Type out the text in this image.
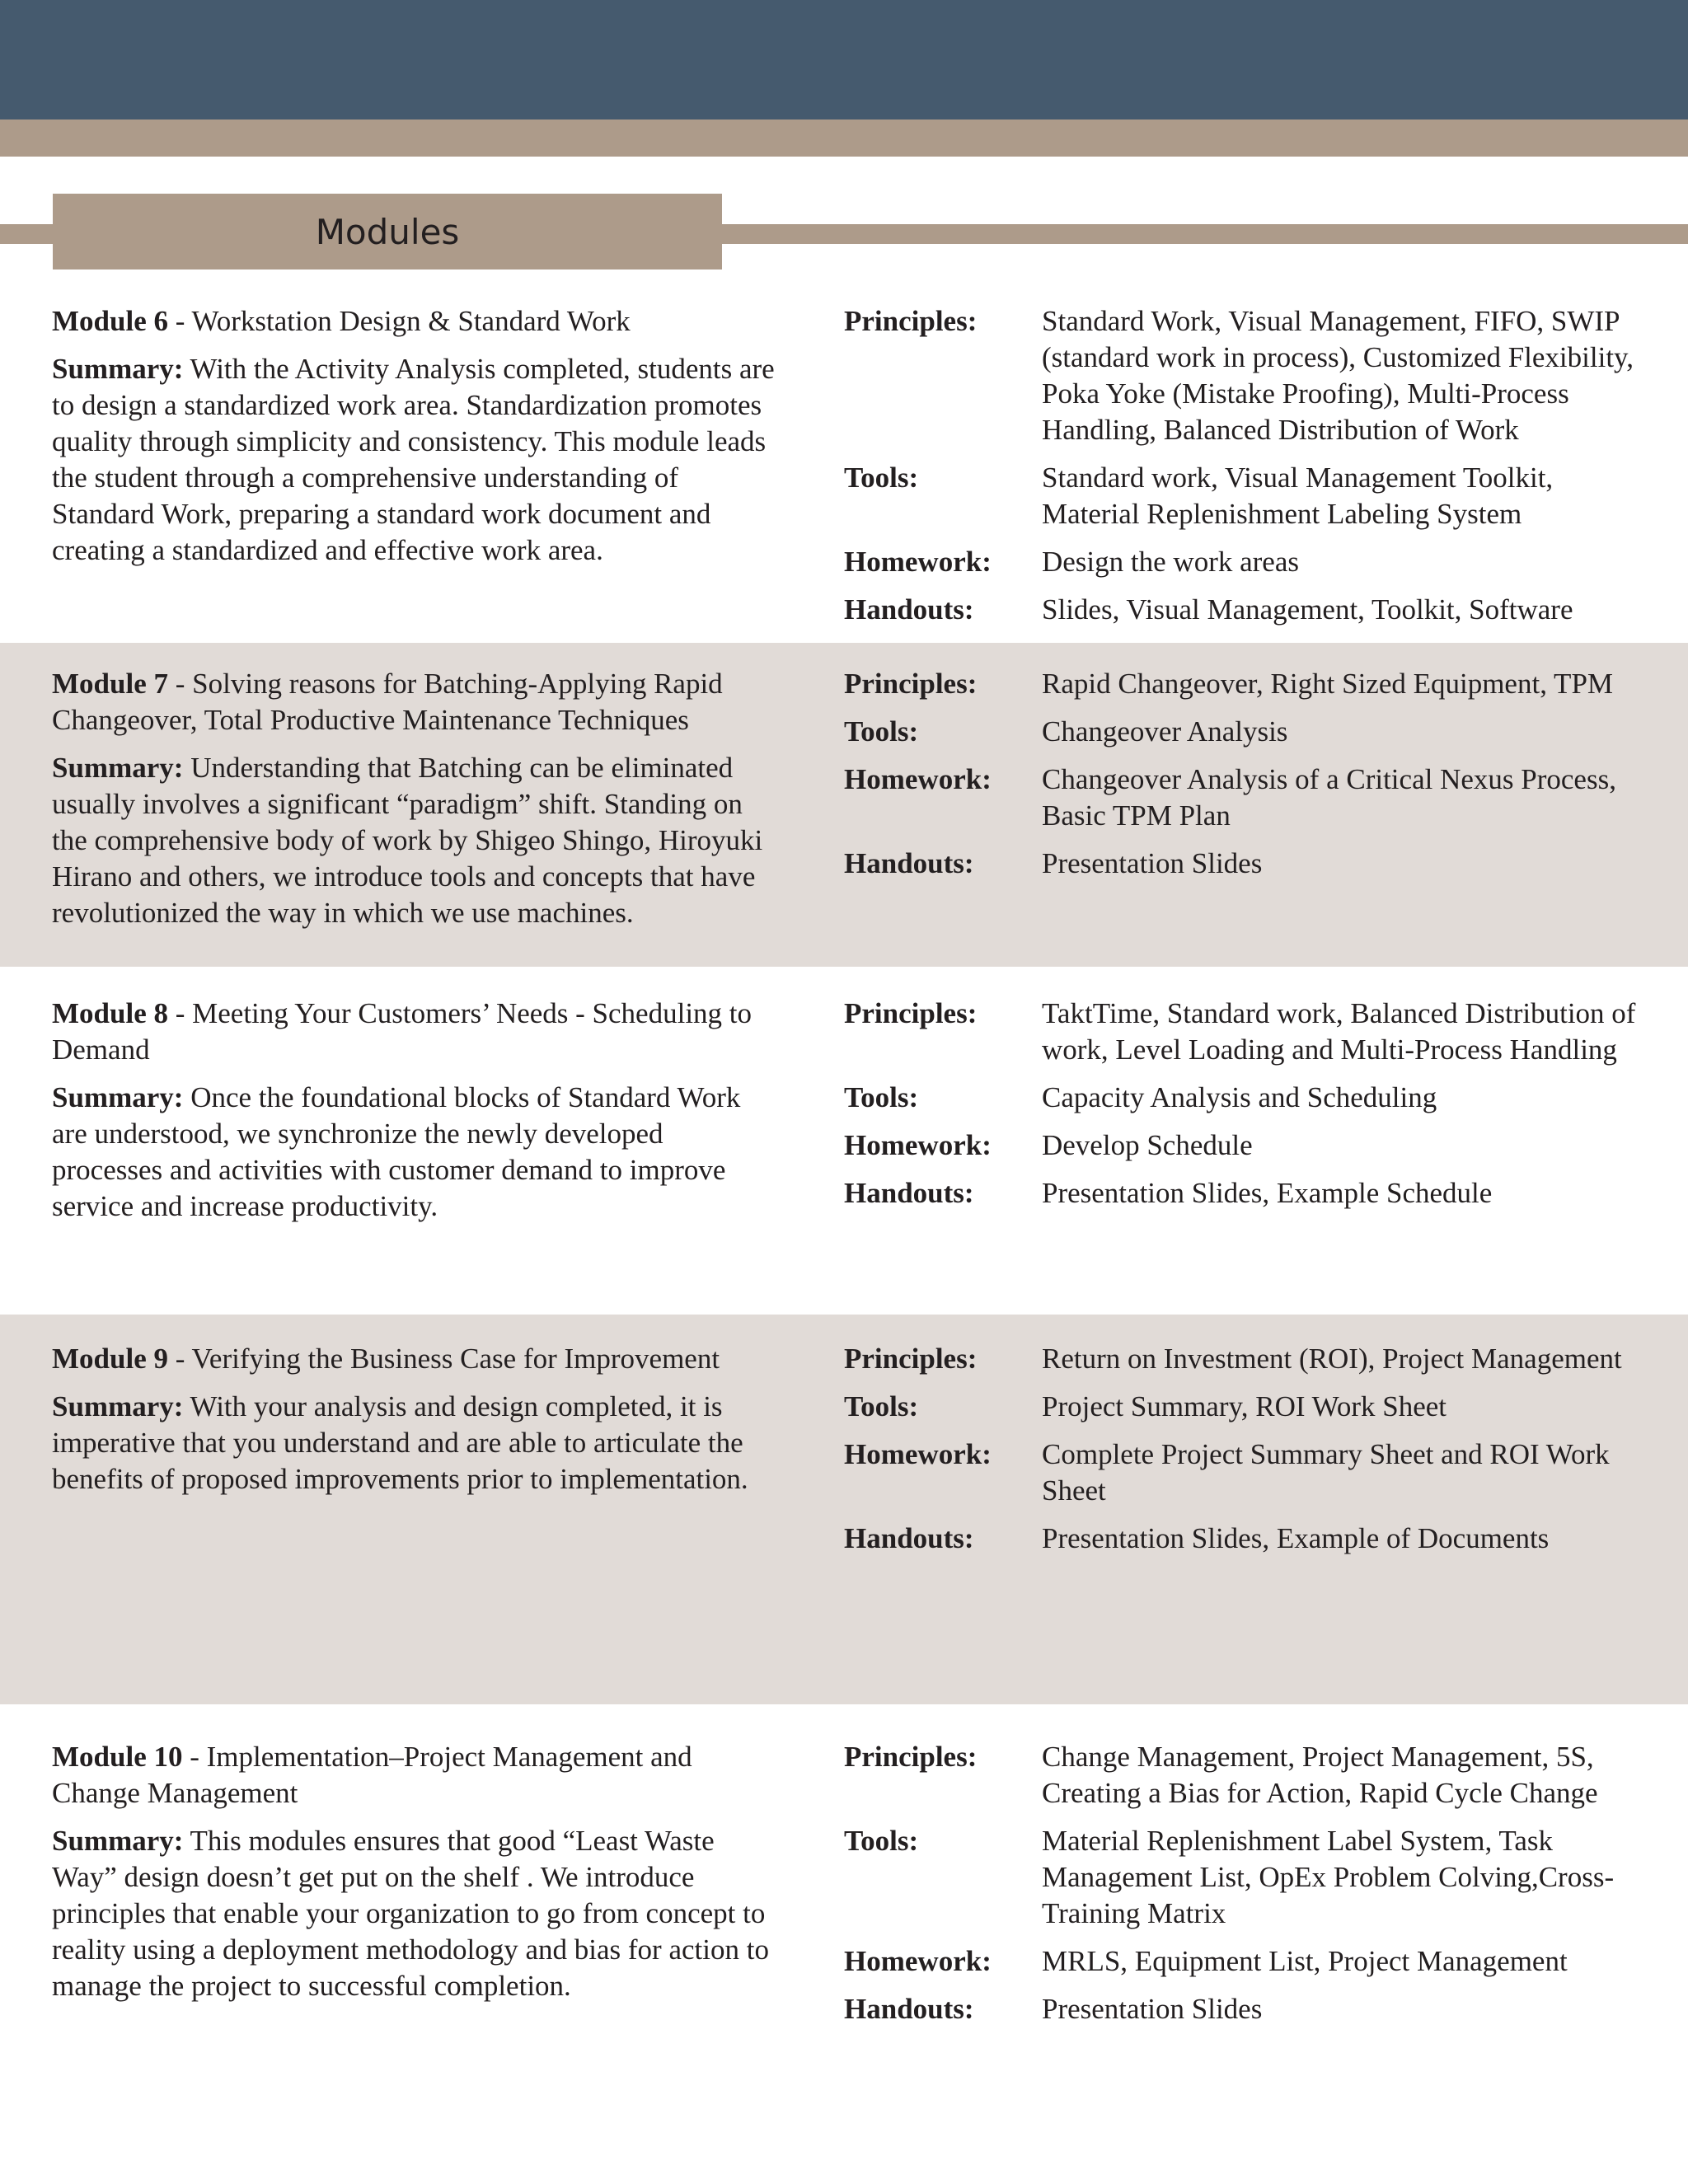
Modules

Module 6 - Workstation Design & Standard Work

Summary: With the Activity Analysis completed, students are to design a standardized work area. Standardization promotes quality through simplicity and consistency. This module leads the student through a comprehensive understanding of Standard Work, preparing a standard work document and creating a standardized and effective work area.

Principles:	Standard Work, Visual Management, FIFO, SWIP (standard work in process), Customized Flexibility, Poka Yoke (Mistake Proofing), Multi-Process Handling, Balanced Distribution of Work
Tools:	Standard work, Visual Management Toolkit, Material Replenishment Labeling System
Homework:	Design the work areas
Handouts:	Slides, Visual Management, Toolkit, Software

Module 7 - Solving reasons for Batching-Applying Rapid Changeover, Total Productive Maintenance Techniques

Summary: Understanding that Batching can be eliminated usually involves a significant “paradigm” shift. Standing on the comprehensive body of work by Shigeo Shingo, Hiroyuki Hirano and others, we introduce tools and concepts that have revolutionized the way in which we use machines.

Principles:	Rapid Changeover, Right Sized Equipment, TPM
Tools:	Changeover Analysis
Homework:	Changeover Analysis of a Critical Nexus Process, Basic TPM Plan
Handouts:	Presentation Slides

Module 8 - Meeting Your Customers’ Needs - Scheduling to Demand

Summary: Once the foundational blocks of Standard Work are understood, we synchronize the newly developed processes and activities with customer demand to improve service and increase productivity.

Principles:	TaktTime, Standard work, Balanced Distribution of work, Level Loading and Multi-Process Handling
Tools:	Capacity Analysis and Scheduling
Homework:	Develop Schedule
Handouts:	Presentation Slides, Example Schedule

Module 9 - Verifying the Business Case for Improvement

Summary: With your analysis and design completed, it is imperative that you understand and are able to articulate the benefits of proposed improvements prior to implementation.

Principles:	Return on Investment (ROI), Project Management
Tools:	Project Summary, ROI Work Sheet
Homework:	Complete Project Summary Sheet and ROI Work Sheet
Handouts:	Presentation Slides, Example of Documents

Module 10 - Implementation–Project Management and Change Management

Summary: This modules ensures that good “Least Waste Way” design doesn’t get put on the shelf . We introduce principles that enable your organization to go from concept to reality using a deployment methodology and bias for action to manage the project to successful completion.

Principles:	Change Management, Project Management, 5S, Creating a Bias for Action, Rapid Cycle Change
Tools:	Material Replenishment Label System, Task Management List, OpEx Problem Colving,Cross-Training Matrix
Homework:	MRLS, Equipment List, Project Management
Handouts:	Presentation Slides
